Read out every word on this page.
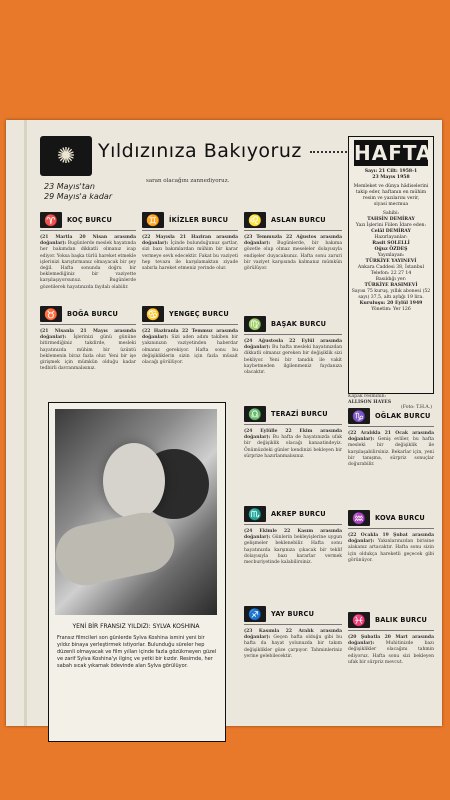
✺	Yıldızınıza Bakıyoruz
23 Mayıs'tan
29 Mayıs'a kadar
saran olacağını zannediyoruz.
♈	KOÇ BURCU
(21 Martla 20 Nisan arasında doğanlar): Bugünlerde meslek hayatında her bakımdan dikkatli olmanız icap ediyor. Yoksa başka türlü hareket etmekle işlerinizi karıştırmanız olmayacak bir şey değil. Hafta sonunda doğru bir beklemediğiniz bir vaziyette karşılaşıyorsunuz. Bugünlerde gözetilerek hayatınızda faydalı olabilir.
♉	BOĞA BURCU
(21 Nisanla 21 Mayıs arasında doğanlar): İşlerinizi günü gününe bitirmediğiniz takdirde, mesleki hayatınızda mühim bir üzüntü beklemenin biraz fazla olur. Yeni bir işe girişmek için mümkün olduğu kadar tedbirli davranmalısınız.
♊	İKİZLER BURCU
(22 Mayısla 21 Haziran arasında doğanlar): İçinde bulunduğunuz şartlar, sizi bazı bakımlardan mühim bir karar vermeye sevk edecektir. Fakat bu vaziyeti hep tevazu ile karşılamaktan ziyade sabırla hareket etmeniz yerinde olur.
♋	YENGEÇ BURCU
(22 Haziranla 22 Temmuz arasında doğanlar): Sizi aden adım takiben bir yakınınızın vaziyetinden haberdar olmanız gerekiyor. Hafta sonu bu değişikliklerin sizin için fazla müsait olacağı görülüyor.
♌	ASLAN BURCU
(23 Temmuzla 22 Ağustos arasında doğanlar): Bugünlerde, bir bakıma gözetle olup olmaz meseleler dolayısıyla endişeler duyacaksınız. Hafta sonu zaruri bir vaziyet karşısında kalmanız mümkün görülüyor.
♍	BAŞAK BURCU
(24 Ağustosla 22 Eylül arasında doğanlar): Bu hafta mesleki hayatınızdan dikkatli olmanız gereken bir değişiklik sizi bekliyor. Yeni bir tanıdık ile vakit kaybetmeden ilgilenmeniz faydanıza olacaktır.
♎	TERAZİ BURCU
(24 Eylülle 22 Ekim arasında doğanlar): Bu hafta de hayatınızda ufak bir değişiklik olacağı kanaatindeyiz. Önümüzdeki günler kendinizi bekleyen bir sürprize hazırlanmalısınız.
♏	AKREP BURCU
(24 Ekimle 22 Kasım arasında doğanlar): Günlerin bekleyişlerine uygun gelişmeler beklenebilir. Hafta sonu hayatınızda karşınıza çıkacak bir teklif dolayısıyla bazı kararlar vermek mecburiyetinde kalabilirsiniz.
♐	YAY BURCU
(23 Kasımla 22 Aralık arasında doğanlar): Geçen hafta olduğu gibi bu hafta da hayat yolunuzda bir takım değişiklikler göze çarpıyor. Tahminleriniz yerine gelebilecektir.
♑	OĞLAK BURCU
(22 Aralıkla 21 Ocak arasında doğanlar): Geniş evliler, bu hafta mesleki bir değişiklik ile karşılaşabilirsiniz. Bekarlar için, yeni bir tanışma, sürpriz sonuçlar doğurabilir.
♒	KOVA BURCU
(22 Ocakla 19 Şubat arasında doğanlar): Yakınlarınızdan birisine alakanız artacaktır. Hafta sonu sizin için oldukça hareketli geçecek gibi görünüyor.
♓	BALIK BURCU
(20 Şubatla 20 Mart arasında doğanlar):	Muhitinizde bazı değişiklikler olacağını tahmin ediyoruz. Hafta sonu sizi bekleyen ufak bir sürpriz mevcut.
YENİ BİR FRANSIZ YILDIZI: SYLVA KOSHINA
Fransız filmcileri son günlerde Sylva Koshina ismini yeni bir yıldız binaya yerleştirmek istiyorlar. Bulunduğu süreler hep düzenli olmayacak ve film yılları içinde fazla gözükmeyen güzel ve zarif Sylva Koshina'yı ilginç ve yetki bir kızdır. Resimde, her sabah sıcak yıkamak ödevinde alan Sylva görülüyor.
HAFTA
Sayı: 21 Cilt: 1958-1
23 Mayıs 1958
Memleket ve dünya hâdiselerini takip eder, haftanın en mühim resim ve yazılarını verir,
siyasi mecmua
Sahibi:
TAHSİN DEMİRAY
Yazı İşlerini Fiilen İdare eden:
Celâl DEMİRAY
Hazırlayanlar:
Rasit SOLELLİ
Oğuz ÖZDEŞ
Yayınlayan:
TÜRKİYE YAYINEVİ
Ankara Caddesi 38, İstanbul
Telefon: 22 27 14
Basıldığı yer:
TÜRKİYE BASIMEVİ
Sayısı 75 kuruş, yıllık abonesi (52 sayı) 37,5, altı aylığı 19 lira.
Kuruluşu: 20 Eylül 1949
Yönetim: Yer 126
Kapak resminin:
ALLISON HAYES
(Foto: T.H.A.)
